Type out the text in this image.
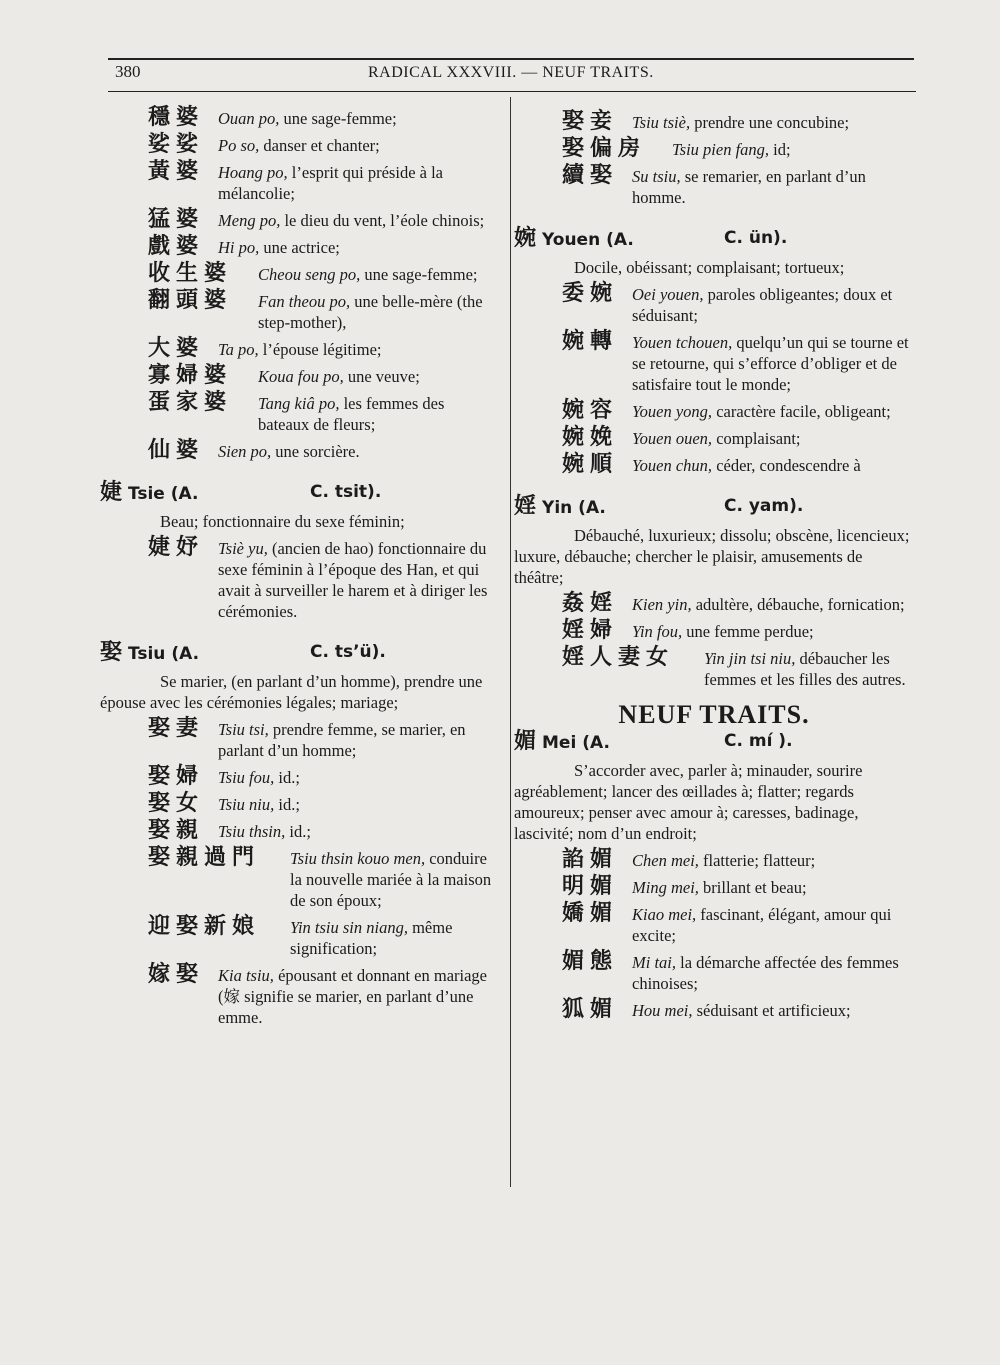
380	RADICAL XXXVIII. — NEUF TRAITS.

穩婆 Ouan po, une sage-femme;

娑娑 Po so, danser et chanter;

黃婆 Hoang po, l’esprit qui préside à la mélancolie;

猛婆 Meng po, le dieu du vent, l’éole chinois;

戲婆 Hi po, une actrice;

收生婆 Cheou seng po, une sage-femme;

翻頭婆 Fan theou po, une belle-mère (the step-mother),

大婆 Ta po, l’épouse légitime;

寡婦婆 Koua fou po, une veuve;

蛋家婆 Tang kiâ po, les femmes des bateaux de fleurs;

仙婆 Sien po, une sorcière.

婕 Tsie (A.	C. tsit).

Beau; fonctionnaire du sexe féminin;

婕妤 Tsiè yu, (ancien de hao) fonctionnaire du sexe féminin à l’époque des Han, et qui avait à surveiller le harem et à diriger les cérémonies.

娶 Tsiu (A.	C. ts’ü).

Se marier, (en parlant d’un homme), prendre une épouse avec les cérémonies légales; mariage;

娶妻 Tsiu tsi, prendre femme, se marier, en parlant d’un homme;

娶婦 Tsiu fou, id.;

娶女 Tsiu niu, id.;

娶親 Tsiu thsin, id.;

娶親過門 Tsiu thsin kouo men, conduire la nouvelle mariée à la maison de son époux;

迎娶新娘 Yin tsiu sin niang, même signification;

嫁娶 Kia tsiu, épousant et donnant en mariage (嫁 signifie se marier, en parlant d’une emme.

娶妾 Tsiu tsiè, prendre une concubine;

娶偏房 Tsiu pien fang, id;

續娶 Su tsiu, se remarier, en parlant d’un homme.

婉 Youen (A.	C. ün).

Docile, obéissant; complaisant; tortueux;

委婉 Oei youen, paroles obligeantes; doux et séduisant;

婉轉 Youen tchouen, quelqu’un qui se tourne et se retourne, qui s’efforce d’obliger et de satisfaire tout le monde;

婉容 Youen yong, caractère facile, obligeant;

婉娩 Youen ouen, complaisant;

婉順 Youen chun, céder, condescendre à

婬 Yin (A.	C. yam).

Débauché, luxurieux; dissolu; obscène, licencieux; luxure, débauche; chercher le plaisir, amusements de théâtre;

姦婬 Kien yin, adultère, débauche, fornication;

婬婦 Yin fou, une femme perdue;

婬人妻女 Yin jin tsi niu, débaucher les femmes et les filles des autres.

NEUF TRAITS.
媚 Mei (A.	C. mí ).

S’accorder avec, parler à; minauder, sourire agréablement; lancer des œillades à; flatter; regards amoureux; penser avec amour à; caresses, badinage, lascivité; nom d’un endroit;

諂媚 Chen mei, flatterie; flatteur;

明媚 Ming mei, brillant et beau;

嬌媚 Kiao mei, fascinant, élégant, amour qui excite;

媚態 Mi tai, la démarche affectée des femmes chinoises;

狐媚 Hou mei, séduisant et artificieux;
